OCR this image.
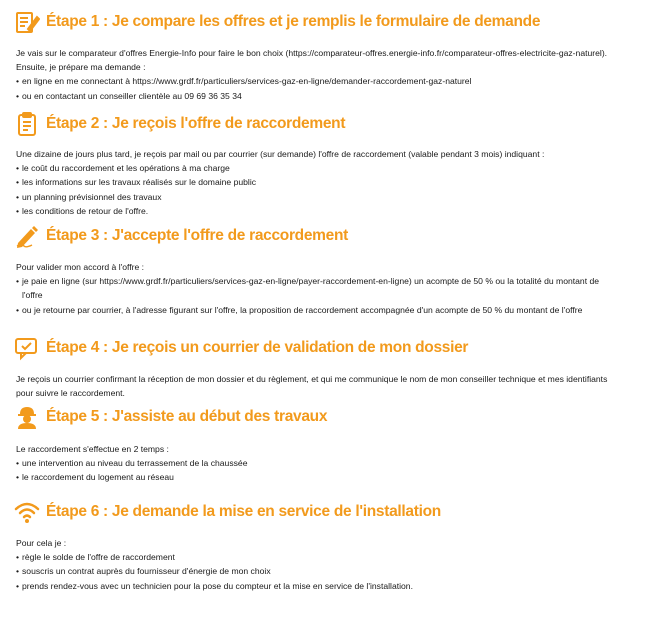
Étape 1 : Je compare les offres et je remplis le formulaire de demande

Je vais sur le comparateur d'offres Energie-Info pour faire le bon choix (https://comparateur-offres.energie-info.fr/comparateur-offres-electricite-gaz-naturel). Ensuite, je prépare ma demande :

• en ligne en me connectant à https://www.grdf.fr/particuliers/services-gaz-en-ligne/demander-raccordement-gaz-naturel
• ou en contactant un conseiller clientèle au 09 69 36 35 34
Étape 2 : Je reçois l'offre de raccordement

Une dizaine de jours plus tard, je reçois par mail ou par courrier (sur demande) l'offre de raccordement (valable pendant 3 mois) indiquant :

• le coût du raccordement et les opérations à ma charge
• les informations sur les travaux réalisés sur le domaine public
• un planning prévisionnel des travaux
• les conditions de retour de l'offre.
Étape 3 : J'accepte l'offre de raccordement

Pour valider mon accord à l'offre :

• je paie en ligne (sur https://www.grdf.fr/particuliers/services-gaz-en-ligne/payer-raccordement-en-ligne) un acompte de 50 % ou la totalité du montant de l'offre
• ou je retourne par courrier, à l'adresse figurant sur l'offre, la proposition de raccordement accompagnée d'un acompte de 50 % du montant de l'offre
Étape 4 : Je reçois un courrier de validation de mon dossier

Je reçois un courrier confirmant la réception de mon dossier et du règlement, et qui me communique le nom de mon conseiller technique et mes identifiants pour suivre le raccordement.

Étape 5 : J'assiste au début des travaux

Le raccordement s'effectue en 2 temps :

• une intervention au niveau du terrassement de la chaussée
• le raccordement du logement au réseau
Étape 6 : Je demande la mise en service de l'installation

Pour cela je :

• règle le solde de l'offre de raccordement
• souscris un contrat auprès du fournisseur d'énergie de mon choix
• prends rendez-vous avec un technicien pour la pose du compteur et la mise en service de l'installation.
